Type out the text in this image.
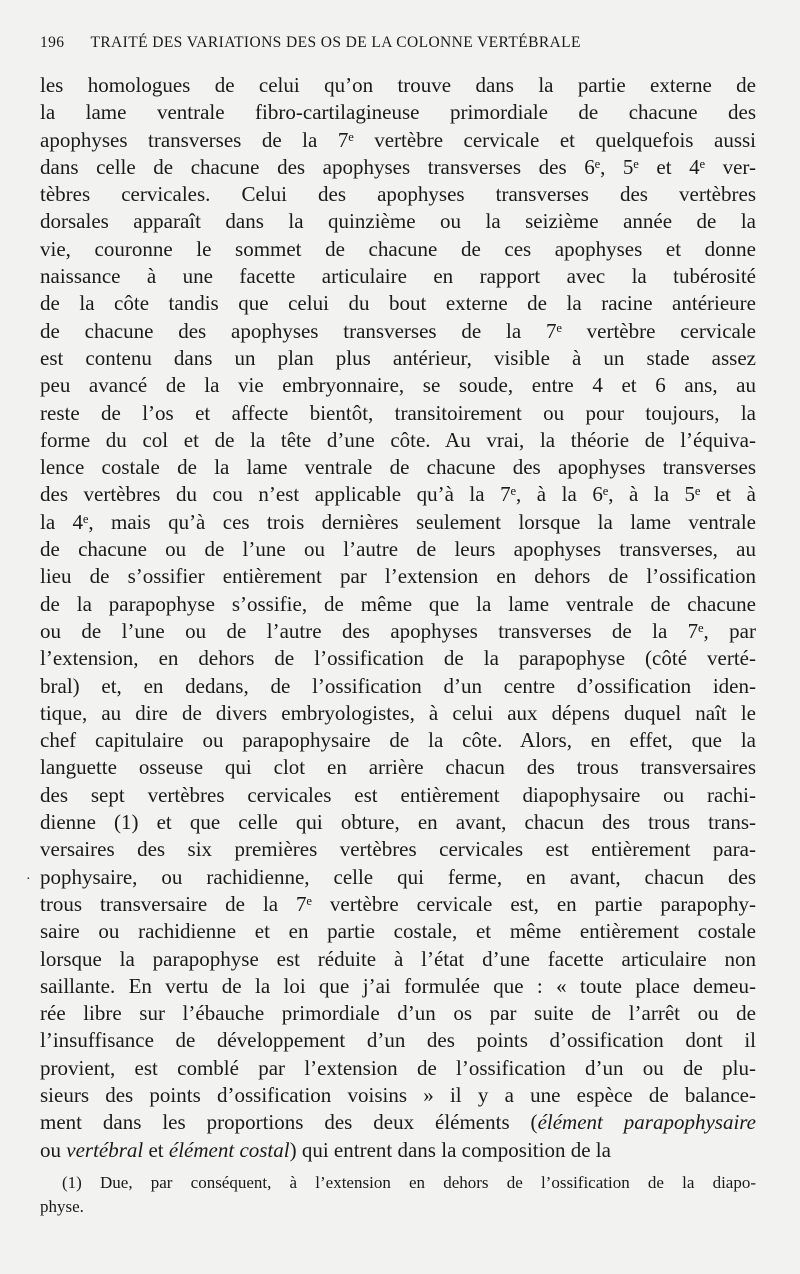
196 TRAITÉ DES VARIATIONS DES OS DE LA COLONNE VERTÉBRALE
·
les homologues de celui qu’on trouve dans la partie externe de
la lame ventrale fibro-cartilagineuse primordiale de chacune des
apophyses transverses de la 7ᵉ vertèbre cervicale et quelquefois aussi
dans celle de chacune des apophyses transverses des 6ᵉ, 5ᵉ et 4ᵉ ver-
tèbres cervicales. Celui des apophyses transverses des vertèbres
dorsales apparaît dans la quinzième ou la seizième année de la
vie, couronne le sommet de chacune de ces apophyses et donne
naissance à une facette articulaire en rapport avec la tubérosité
de la côte tandis que celui du bout externe de la racine antérieure
de chacune des apophyses transverses de la 7ᵉ vertèbre cervicale
est contenu dans un plan plus antérieur, visible à un stade assez
peu avancé de la vie embryonnaire, se soude, entre 4 et 6 ans, au
reste de l’os et affecte bientôt, transitoirement ou pour toujours, la
forme du col et de la tête d’une côte. Au vrai, la théorie de l’équiva-
lence costale de la lame ventrale de chacune des apophyses transverses
des vertèbres du cou n’est applicable qu’à la 7ᵉ, à la 6ᵉ, à la 5ᵉ et à
la 4ᵉ, mais qu’à ces trois dernières seulement lorsque la lame ventrale
de chacune ou de l’une ou l’autre de leurs apophyses transverses, au
lieu de s’ossifier entièrement par l’extension en dehors de l’ossification
de la parapophyse s’ossifie, de même que la lame ventrale de chacune
ou de l’une ou de l’autre des apophyses transverses de la 7ᵉ, par
l’extension, en dehors de l’ossification de la parapophyse (côté verté-
bral) et, en dedans, de l’ossification d’un centre d’ossification iden-
tique, au dire de divers embryologistes, à celui aux dépens duquel naît le
chef capitulaire ou parapophysaire de la côte. Alors, en effet, que la
languette osseuse qui clot en arrière chacun des trous transversaires
des sept vertèbres cervicales est entièrement diapophysaire ou rachi-
dienne (1) et que celle qui obture, en avant, chacun des trous trans-
versaires des six premières vertèbres cervicales est entièrement para-
pophysaire, ou rachidienne, celle qui ferme, en avant, chacun des
trous transversaire de la 7ᵉ vertèbre cervicale est, en partie parapophy-
saire ou rachidienne et en partie costale, et même entièrement costale
lorsque la parapophyse est réduite à l’état d’une facette articulaire non
saillante. En vertu de la loi que j’ai formulée que : « toute place demeu-
rée libre sur l’ébauche primordiale d’un os par suite de l’arrêt ou de
l’insuffisance de développement d’un des points d’ossification dont il
provient, est comblé par l’extension de l’ossification d’un ou de plu-
sieurs des points d’ossification voisins » il y a une espèce de balance-
ment dans les proportions des deux éléments (élément parapophysaire
ou vertébral et élément costal) qui entrent dans la composition de la
(1) Due, par conséquent, à l’extension en dehors de l’ossification de la diapo-
physe.
